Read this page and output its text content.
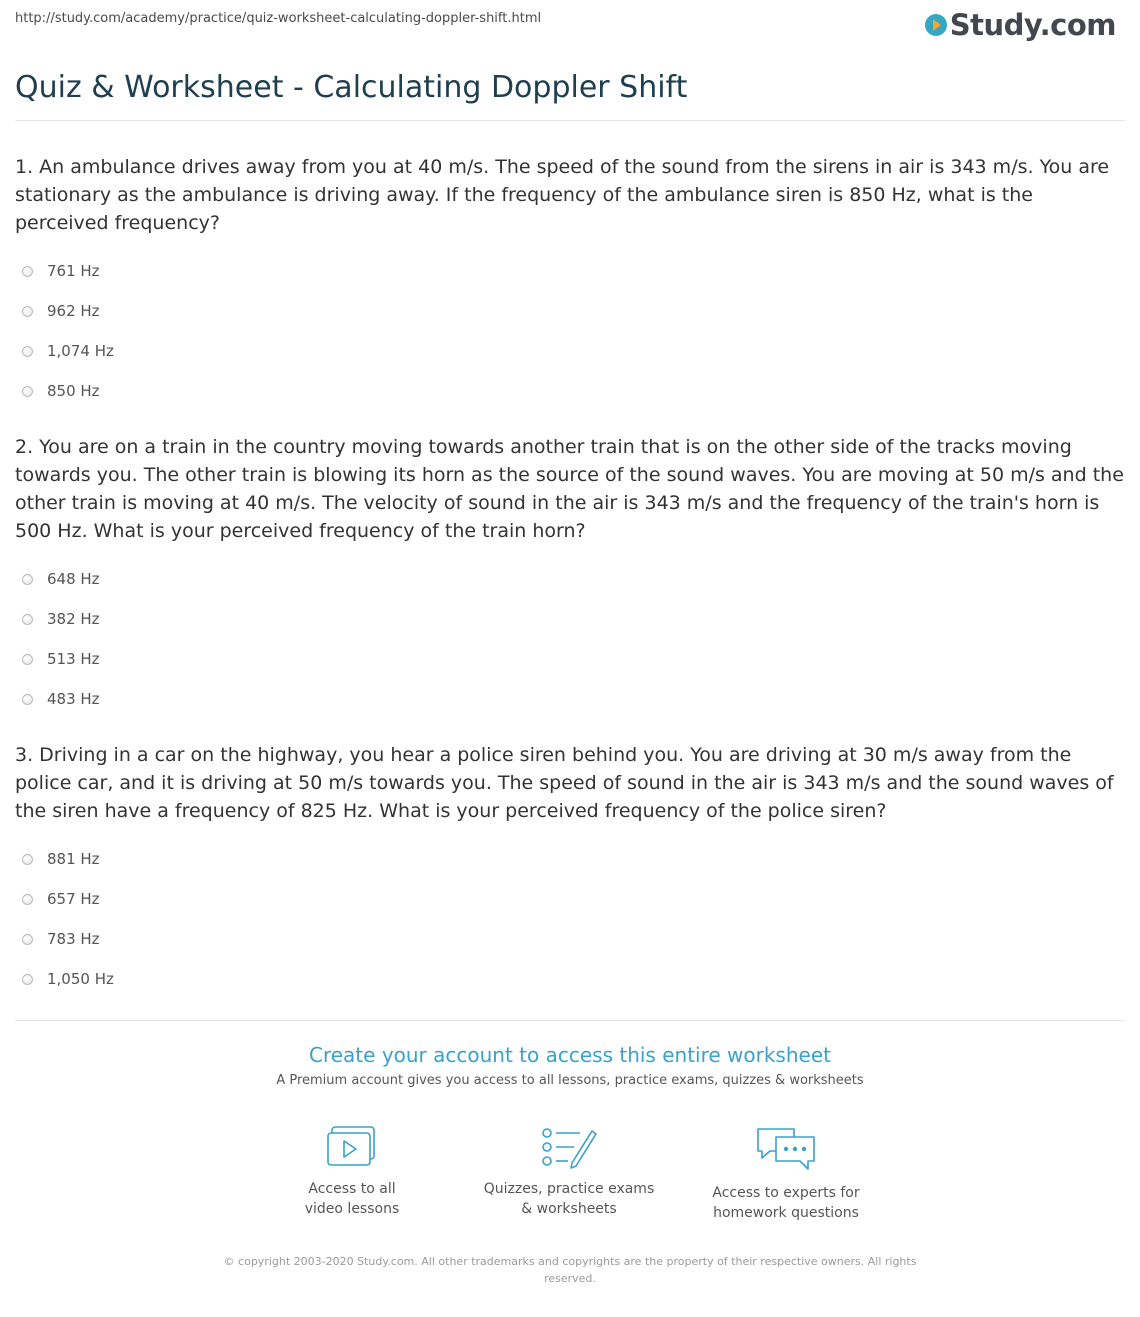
http://study.com/academy/practice/quiz-worksheet-calculating-doppler-shift.html	Study.com
Quiz & Worksheet - Calculating Doppler Shift

1. An ambulance drives away from you at 40 m/s. The speed of the sound from the sirens in air is 343 m/s. You are stationary as the ambulance is driving away. If the frequency of the ambulance siren is 850 Hz, what is the perceived frequency?

761 Hz
962 Hz
1,074 Hz
850 Hz

2. You are on a train in the country moving towards another train that is on the other side of the tracks moving towards you. The other train is blowing its horn as the source of the sound waves. You are moving at 50 m/s and the other train is moving at 40 m/s. The velocity of sound in the air is 343 m/s and the frequency of the train's horn is 500 Hz. What is your perceived frequency of the train horn?

648 Hz
382 Hz
513 Hz
483 Hz

3. Driving in a car on the highway, you hear a police siren behind you. You are driving at 30 m/s away from the police car, and it is driving at 50 m/s towards you. The speed of sound in the air is 343 m/s and the sound waves of the siren have a frequency of 825 Hz. What is your perceived frequency of the police siren?

881 Hz
657 Hz
783 Hz
1,050 Hz

Create your account to access this entire worksheet

A Premium account gives you access to all lessons, practice exams, quizzes & worksheets

Access to all
video lessons
Quizzes, practice exams
& worksheets
Access to experts for
homework questions
© copyright 2003-2020 Study.com. All other trademarks and copyrights are the property of their respective owners. All rights reserved.
